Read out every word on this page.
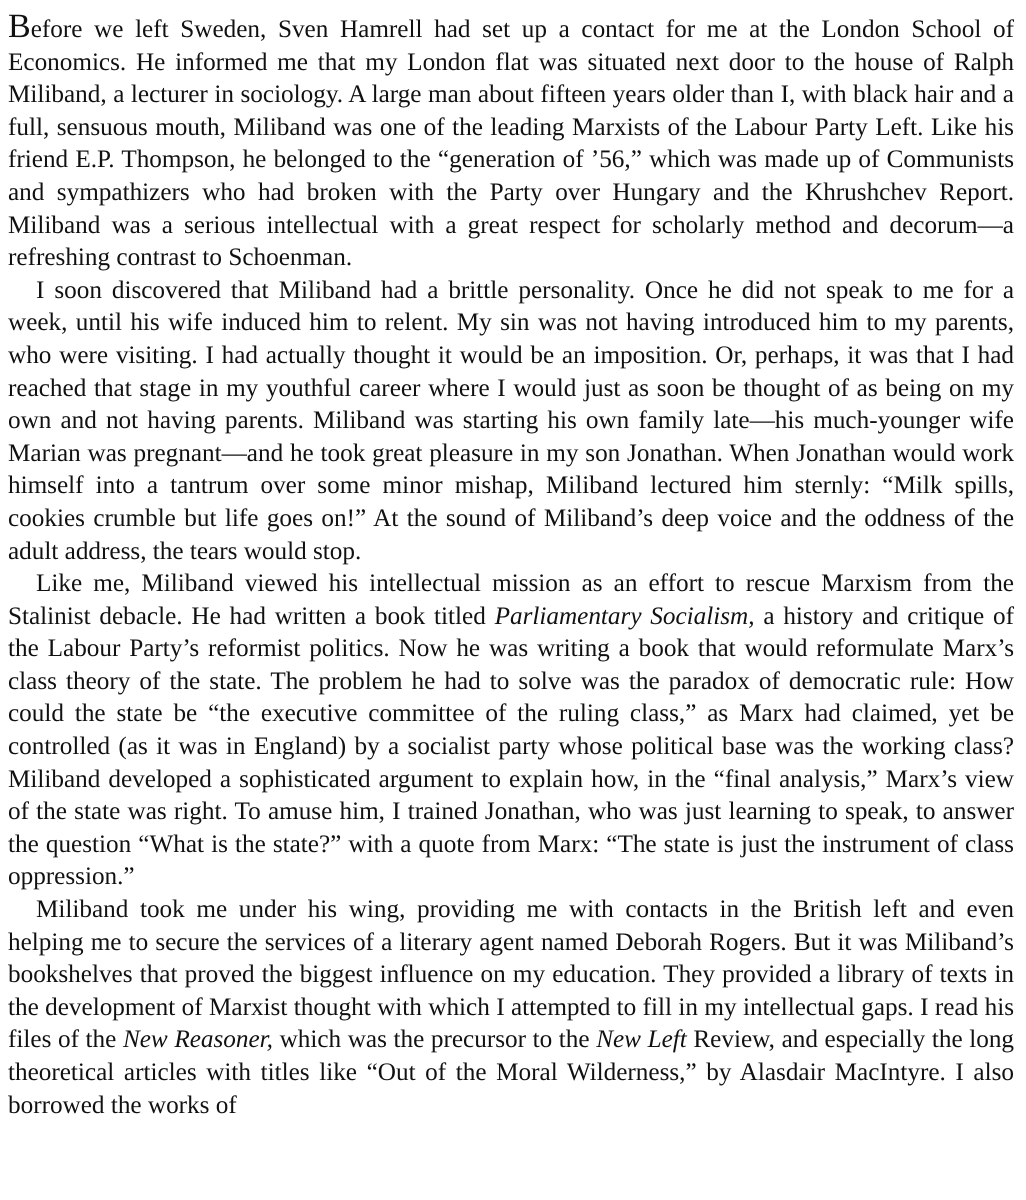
Before we left Sweden, Sven Hamrell had set up a contact for me at the London School of Economics. He informed me that my London flat was situated next door to the house of Ralph Miliband, a lecturer in sociology. A large man about fifteen years older than I, with black hair and a full, sensuous mouth, Miliband was one of the leading Marxists of the Labour Party Left. Like his friend E.P. Thompson, he belonged to the “generation of ’56,” which was made up of Communists and sympathizers who had broken with the Party over Hungary and the Khrushchev Report. Miliband was a serious intellectual with a great respect for scholarly method and decorum—a refreshing contrast to Schoenman.

I soon discovered that Miliband had a brittle personality. Once he did not speak to me for a week, until his wife induced him to relent. My sin was not having introduced him to my parents, who were visiting. I had actually thought it would be an imposition. Or, perhaps, it was that I had reached that stage in my youthful career where I would just as soon be thought of as being on my own and not having parents. Miliband was starting his own family late—his much-younger wife Marian was pregnant—and he took great pleasure in my son Jonathan. When Jonathan would work himself into a tantrum over some minor mishap, Miliband lectured him sternly: “Milk spills, cookies crumble but life goes on!” At the sound of Miliband’s deep voice and the oddness of the adult address, the tears would stop.

Like me, Miliband viewed his intellectual mission as an effort to rescue Marxism from the Stalinist debacle. He had written a book titled Parliamentary Socialism, a history and critique of the Labour Party’s reformist politics. Now he was writing a book that would reformulate Marx’s class theory of the state. The problem he had to solve was the paradox of democratic rule: How could the state be “the executive committee of the ruling class,” as Marx had claimed, yet be controlled (as it was in England) by a socialist party whose political base was the working class? Miliband developed a sophisticated argument to explain how, in the “final analysis,” Marx’s view of the state was right. To amuse him, I trained Jonathan, who was just learning to speak, to answer the question “What is the state?” with a quote from Marx: “The state is just the instrument of class oppression.”

Miliband took me under his wing, providing me with contacts in the British left and even helping me to secure the services of a literary agent named Deborah Rogers. But it was Miliband’s bookshelves that proved the biggest influence on my education. They provided a library of texts in the development of Marxist thought with which I attempted to fill in my intellectual gaps. I read his files of the New Reasoner, which was the precursor to the New Left Review, and especially the long theoretical articles with titles like “Out of the Moral Wilderness,” by Alasdair MacIntyre. I also borrowed the works of
